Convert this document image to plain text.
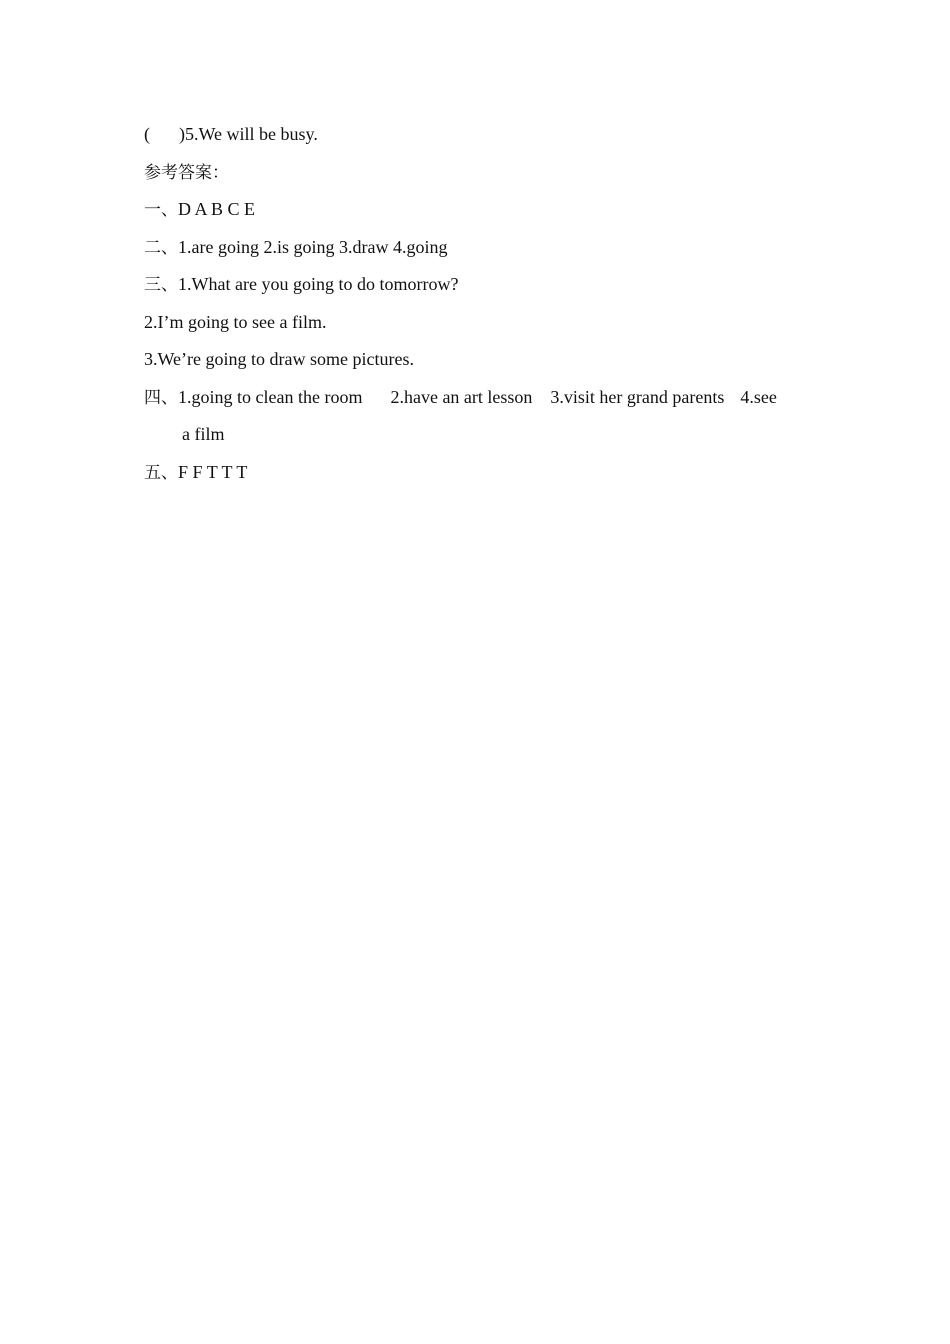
( )5.We will be busy.
参考答案：
一、D A B C E
二、1.are going 2.is going 3.draw 4.going
三、1.What are you going to do tomorrow?
2.I’m going to see a film.
3.We’re going to draw some pictures.
四、1.going to clean the room 2.have an art lesson 3.visit her grand parents 4.see
a film
五、F F T T T
